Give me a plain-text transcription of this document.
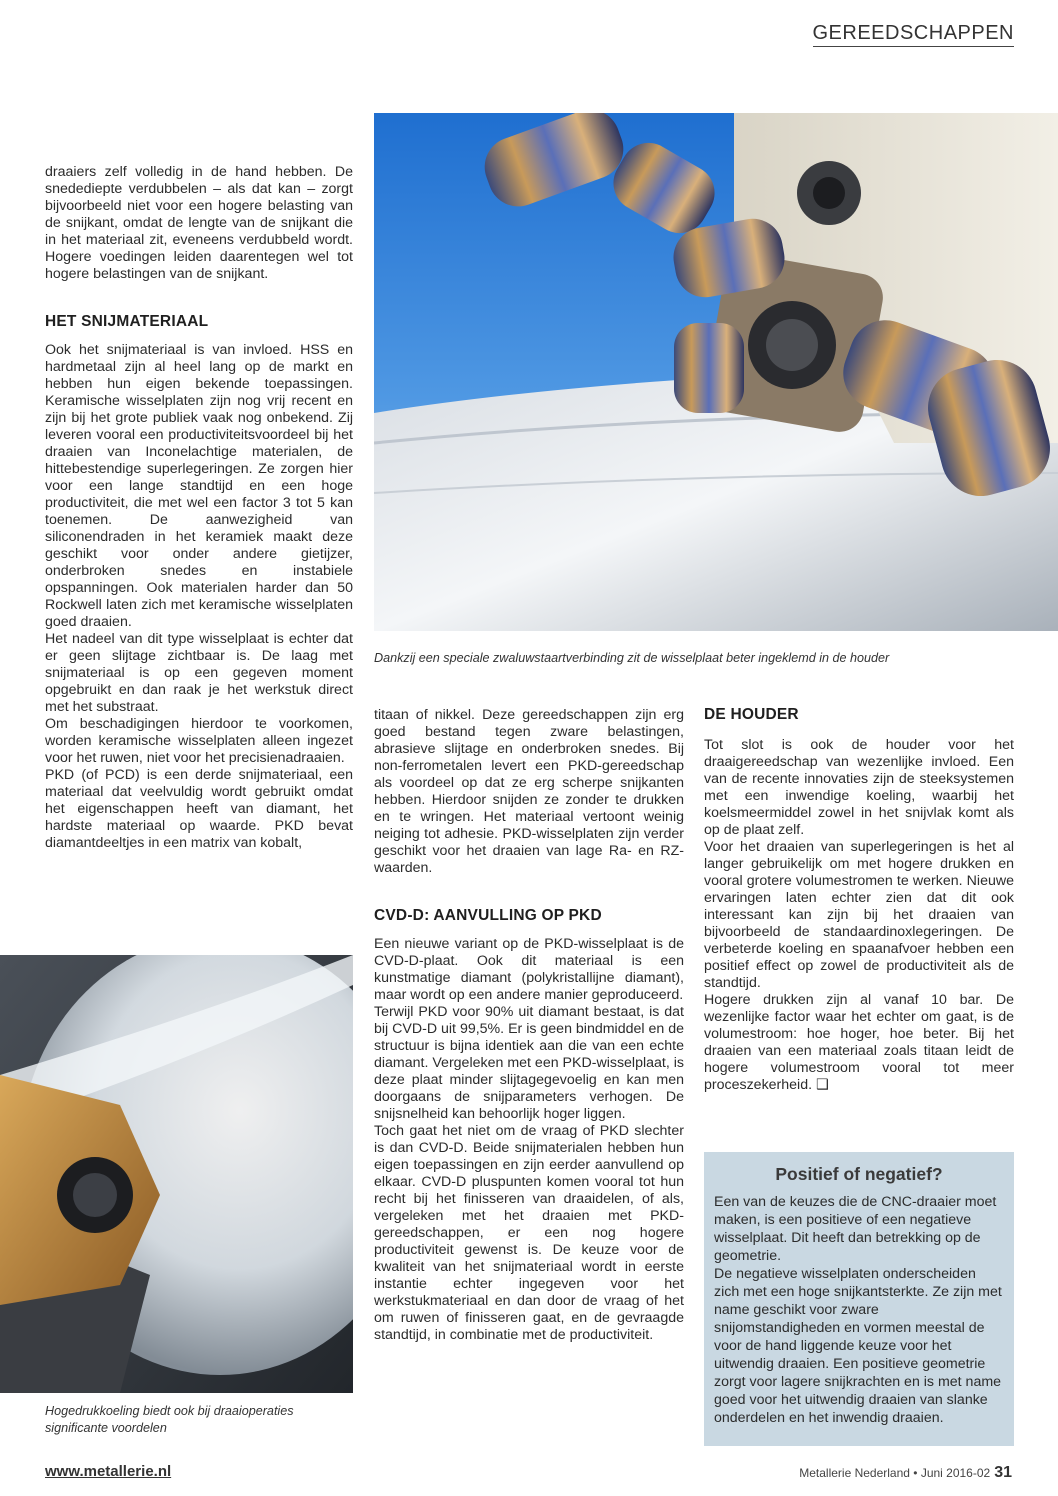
GEREEDSCHAPPEN
Dankzij een speciale zwaluwstaartverbinding zit de wisselplaat beter ingeklemd in de houder

draaiers zelf volledig in de hand hebben. De snedediepte verdubbelen – als dat kan – zorgt bijvoorbeeld niet voor een hogere belasting van de snijkant, omdat de lengte van de snijkant die in het materiaal zit, eveneens verdubbeld wordt. Hogere voedingen leiden daarentegen wel tot hogere belastingen van de snijkant.

HET SNIJMATERIAAL

Ook het snijmateriaal is van invloed. HSS en hardmetaal zijn al heel lang op de markt en hebben hun eigen bekende toepassingen. Keramische wisselplaten zijn nog vrij recent en zijn bij het grote publiek vaak nog onbekend. Zij leveren vooral een productiviteitsvoordeel bij het draaien van Inconelachtige materialen, de hittebestendige superlegeringen. Ze zorgen hier voor een lange standtijd en een hoge productiviteit, die met wel een factor 3 tot 5 kan toenemen. De aanwezigheid van siliconendraden in het keramiek maakt deze geschikt voor onder andere gietijzer, onderbroken snedes en instabiele opspanningen. Ook materialen harder dan 50 Rockwell laten zich met keramische wisselplaten goed draaien.

Het nadeel van dit type wisselplaat is echter dat er geen slijtage zichtbaar is. De laag met snijmateriaal is op een gegeven moment opgebruikt en dan raak je het werkstuk direct met het substraat.

Om beschadigingen hierdoor te voorkomen, worden keramische wisselplaten alleen ingezet voor het ruwen, niet voor het precisienadraaien.

PKD (of PCD) is een derde snijmateriaal, een materiaal dat veelvuldig wordt gebruikt omdat het eigenschappen heeft van diamant, het hardste materiaal op waarde. PKD bevat diamantdeeltjes in een matrix van kobalt,

Hogedrukkoeling biedt ook bij draaioperaties significante voordelen

titaan of nikkel. Deze gereedschappen zijn erg goed bestand tegen zware belastingen, abrasieve slijtage en onderbroken snedes. Bij non-ferrometalen levert een PKD-gereedschap als voordeel op dat ze erg scherpe snijkanten hebben. Hierdoor snijden ze zonder te drukken en te wringen. Het materiaal vertoont weinig neiging tot adhesie. PKD-wisselplaten zijn verder geschikt voor het draaien van lage Ra- en RZ-waarden.

CVD-D: AANVULLING OP PKD

Een nieuwe variant op de PKD-wisselplaat is de CVD-D-plaat. Ook dit materiaal is een kunstmatige diamant (polykristallijne diamant), maar wordt op een andere manier geproduceerd.

Terwijl PKD voor 90% uit diamant bestaat, is dat bij CVD-D uit 99,5%. Er is geen bindmiddel en de structuur is bijna identiek aan die van een echte diamant. Vergeleken met een PKD-wisselplaat, is deze plaat minder slijtagegevoelig en kan men doorgaans de snijparameters verhogen. De snijsnelheid kan behoorlijk hoger liggen.

Toch gaat het niet om de vraag of PKD slechter is dan CVD-D. Beide snijmaterialen hebben hun eigen toepassingen en zijn eerder aanvullend op elkaar. CVD-D pluspunten komen vooral tot hun recht bij het finisseren van draaidelen, of als, vergeleken met het draaien met PKD-gereedschappen, er een nog hogere productiviteit gewenst is. De keuze voor de kwaliteit van het snijmateriaal wordt in eerste instantie echter ingegeven voor het werkstukmateriaal en dan door de vraag of het om ruwen of finisseren gaat, en de gevraagde standtijd, in combinatie met de productiviteit.

DE HOUDER

Tot slot is ook de houder voor het draaigereedschap van wezenlijke invloed. Een van de recente innovaties zijn de steeksystemen met een inwendige koeling, waarbij het koelsmeermiddel zowel in het snijvlak komt als op de plaat zelf.

Voor het draaien van superlegeringen is het al langer gebruikelijk om met hogere drukken en vooral grotere volumestromen te werken. Nieuwe ervaringen laten echter zien dat dit ook interessant kan zijn bij het draaien van bijvoorbeeld de standaardinoxlegeringen. De verbeterde koeling en spaanafvoer hebben een positief effect op zowel de productiviteit als de standtijd.

Hogere drukken zijn al vanaf 10 bar. De wezenlijke factor waar het echter om gaat, is de volumestroom: hoe hoger, hoe beter. Bij het draaien van een materiaal zoals titaan leidt de hogere volumestroom vooral tot meer proceszekerheid. ❑

Positief of negatief?

Een van de keuzes die de CNC-draaier moet maken, is een positieve of een negatieve wisselplaat. Dit heeft dan betrekking op de geometrie.

De negatieve wisselplaten onderscheiden zich met een hoge snijkantsterkte. Ze zijn met name geschikt voor zware snijomstandigheden en vormen meestal de voor de hand liggende keuze voor het uitwendig draaien. Een positieve geometrie zorgt voor lagere snijkrachten en is met name goed voor het uitwendig draaien van slanke onderdelen en het inwendig draaien.

www.metallerie.nl	Metallerie Nederland • Juni 2016-02 31
